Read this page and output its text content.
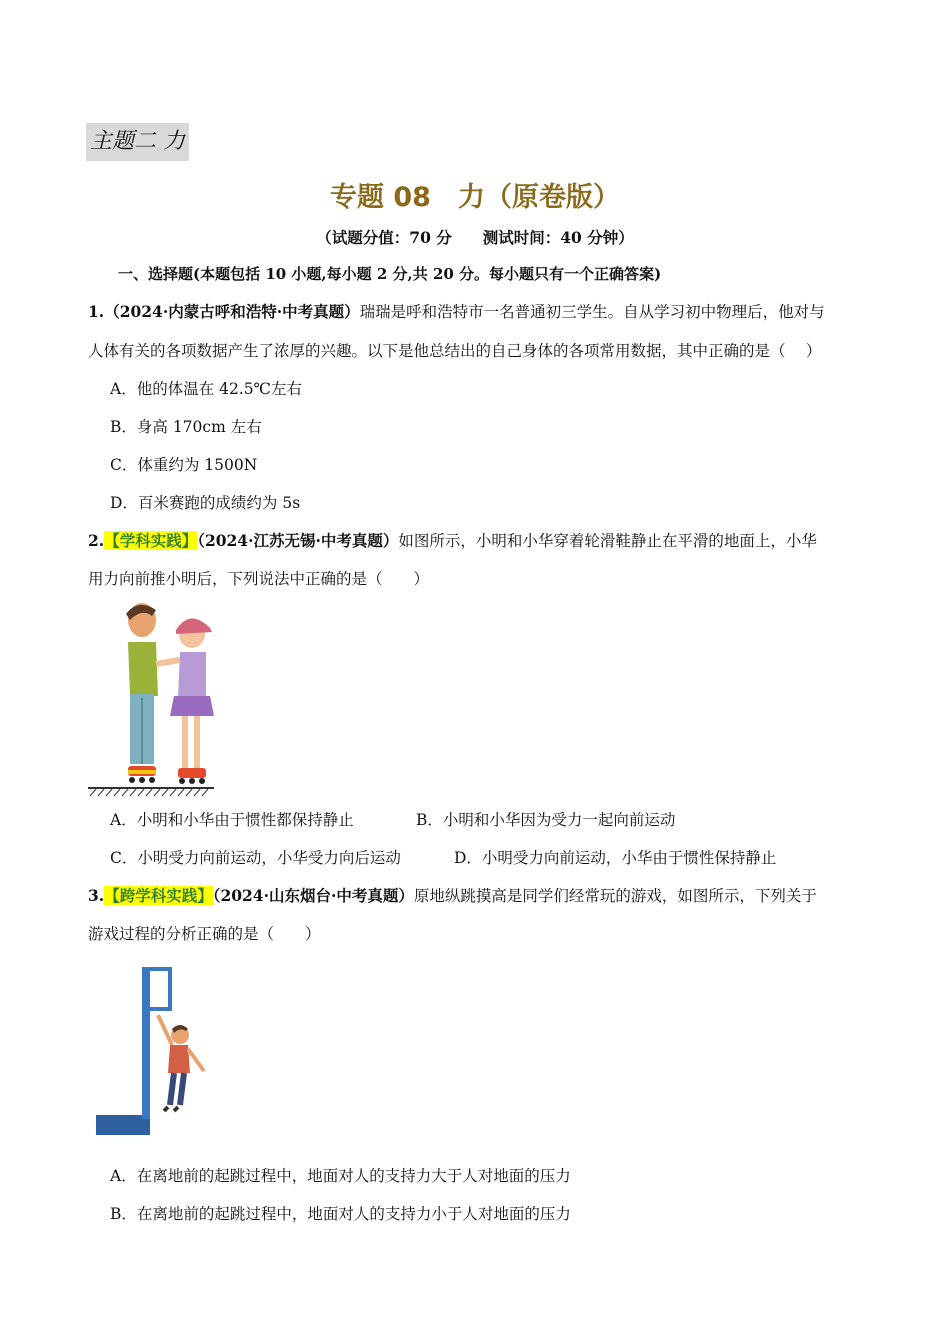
主题二 力
专题 08　力（原卷版）
（试题分值：70 分　　测试时间：40 分钟）
一、选择题(本题包括 10 小题,每小题 2 分,共 20 分。每小题只有一个正确答案)
1.（2024·内蒙古呼和浩特·中考真题）瑞瑞是呼和浩特市一名普通初三学生。自从学习初中物理后，他对与
人体有关的各项数据产生了浓厚的兴趣。以下是他总结出的自己身体的各项常用数据，其中正确的是（　 ）
A．他的体温在 42.5℃左右
B．身高 170cm 左右
C．体重约为 1500N
D．百米赛跑的成绩约为 5s
2.【学科实践】（2024·江苏无锡·中考真题）如图所示，小明和小华穿着轮滑鞋静止在平滑的地面上，小华
用力向前推小明后，下列说法中正确的是（　　）
A．小明和小华由于惯性都保持静止	B．小明和小华因为受力一起向前运动
C．小明受力向前运动，小华受力向后运动	D．小明受力向前运动，小华由于惯性保持静止
3.【跨学科实践】（2024·山东烟台·中考真题）原地纵跳摸高是同学们经常玩的游戏，如图所示，下列关于
游戏过程的分析正确的是（　　）
A．在离地前的起跳过程中，地面对人的支持力大于人对地面的压力
B．在离地前的起跳过程中，地面对人的支持力小于人对地面的压力
